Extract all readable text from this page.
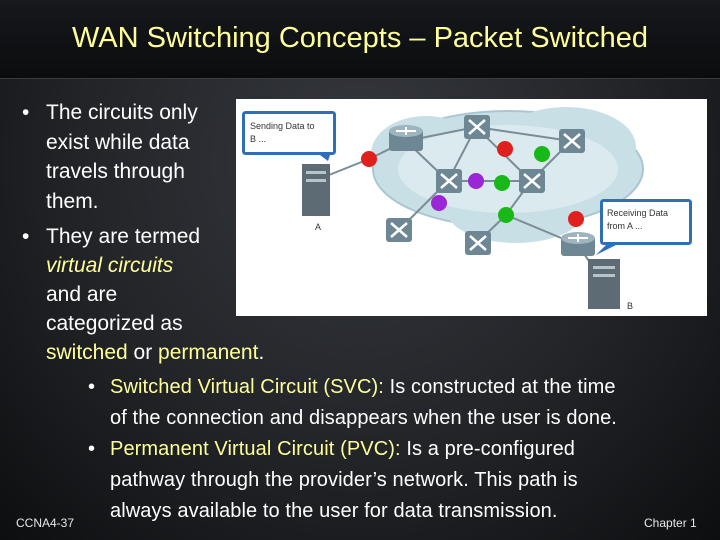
WAN Switching Concepts – Packet Switched
• The circuits only
exist while data
travels through
them.
• They are termed
virtual circuits
and are
categorized as
switched or permanent.
• Switched Virtual Circuit (SVC): Is constructed at the time
of the connection and disappears when the user is done.
• Permanent Virtual Circuit (PVC): Is a pre-configured
pathway through the provider’s network. This path is
always available to the user for data transmission.
A
B
Sending Data to
B ...
Receiving Data
from A ...
CCNA4-37	Chapter 1
